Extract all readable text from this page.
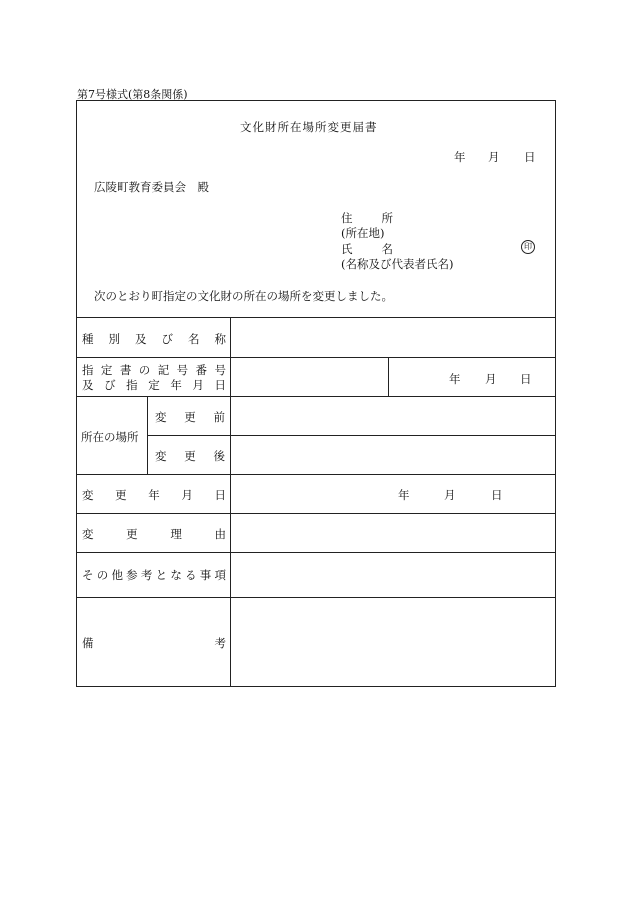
第7号様式(第8条関係)
文化財所在場所変更届書
年 月 日
広陵町教育委員会　殿
住	所
(所在地)
氏	名
(名称及び代表者氏名)
印
次のとおり町指定の文化財の所在の場所を変更しました。
種 別 及 び 名 称
指 定 書 の 記 号 番 号
及 び 指 定 年 月 日	年 月 日
所在の場所
変 更 前
変 更 後
変 更 年 月 日	年	月	日
変	更	理	由
そ の 他 参 考 と な る 事 項
備	考
